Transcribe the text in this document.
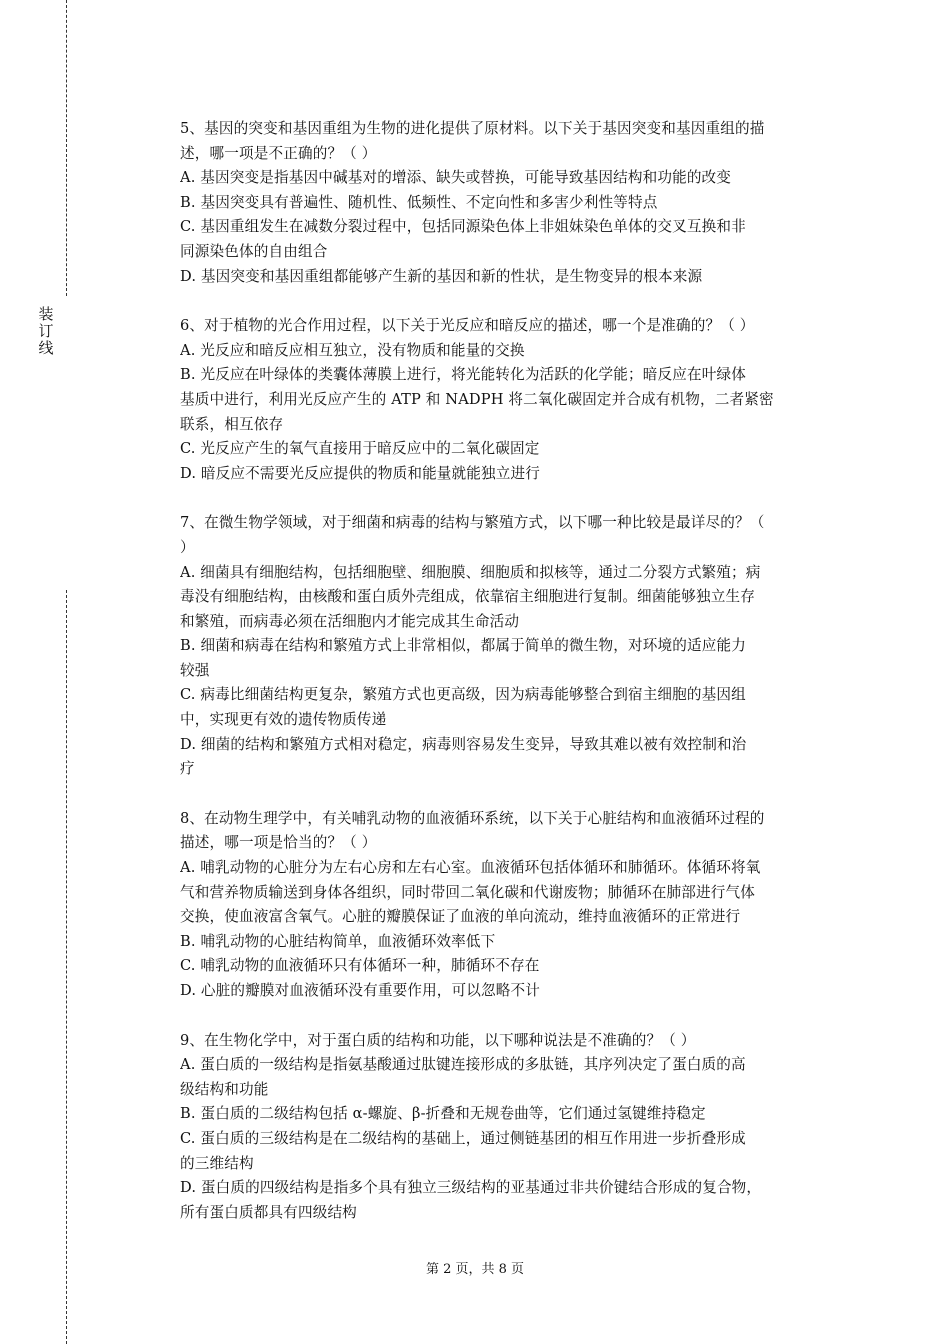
装
订
线
5、基因的突变和基因重组为生物的进化提供了原材料。以下关于基因突变和基因重组的描
述，哪一项是不正确的？（ ）
A. 基因突变是指基因中碱基对的增添、缺失或替换，可能导致基因结构和功能的改变
B. 基因突变具有普遍性、随机性、低频性、不定向性和多害少利性等特点
C. 基因重组发生在减数分裂过程中，包括同源染色体上非姐妹染色单体的交叉互换和非
同源染色体的自由组合
D. 基因突变和基因重组都能够产生新的基因和新的性状，是生物变异的根本来源
6、对于植物的光合作用过程，以下关于光反应和暗反应的描述，哪一个是准确的？（ ）
A. 光反应和暗反应相互独立，没有物质和能量的交换
B. 光反应在叶绿体的类囊体薄膜上进行，将光能转化为活跃的化学能；暗反应在叶绿体
基质中进行，利用光反应产生的 ATP 和 NADPH 将二氧化碳固定并合成有机物，二者紧密
联系，相互依存
C. 光反应产生的氧气直接用于暗反应中的二氧化碳固定
D. 暗反应不需要光反应提供的物质和能量就能独立进行
7、在微生物学领域，对于细菌和病毒的结构与繁殖方式，以下哪一种比较是最详尽的？（
）
A. 细菌具有细胞结构，包括细胞壁、细胞膜、细胞质和拟核等，通过二分裂方式繁殖；病
毒没有细胞结构，由核酸和蛋白质外壳组成，依靠宿主细胞进行复制。细菌能够独立生存
和繁殖，而病毒必须在活细胞内才能完成其生命活动
B. 细菌和病毒在结构和繁殖方式上非常相似，都属于简单的微生物，对环境的适应能力
较强
C. 病毒比细菌结构更复杂，繁殖方式也更高级，因为病毒能够整合到宿主细胞的基因组
中，实现更有效的遗传物质传递
D. 细菌的结构和繁殖方式相对稳定，病毒则容易发生变异，导致其难以被有效控制和治
疗
8、在动物生理学中，有关哺乳动物的血液循环系统，以下关于心脏结构和血液循环过程的
描述，哪一项是恰当的？（ ）
A. 哺乳动物的心脏分为左右心房和左右心室。血液循环包括体循环和肺循环。体循环将氧
气和营养物质输送到身体各组织，同时带回二氧化碳和代谢废物；肺循环在肺部进行气体
交换，使血液富含氧气。心脏的瓣膜保证了血液的单向流动，维持血液循环的正常进行
B. 哺乳动物的心脏结构简单，血液循环效率低下
C. 哺乳动物的血液循环只有体循环一种，肺循环不存在
D. 心脏的瓣膜对血液循环没有重要作用，可以忽略不计
9、在生物化学中，对于蛋白质的结构和功能，以下哪种说法是不准确的？（ ）
A. 蛋白质的一级结构是指氨基酸通过肽键连接形成的多肽链，其序列决定了蛋白质的高
级结构和功能
B. 蛋白质的二级结构包括 α-螺旋、β-折叠和无规卷曲等，它们通过氢键维持稳定
C. 蛋白质的三级结构是在二级结构的基础上，通过侧链基团的相互作用进一步折叠形成
的三维结构
D. 蛋白质的四级结构是指多个具有独立三级结构的亚基通过非共价键结合形成的复合物，
所有蛋白质都具有四级结构
第 2 页，共 8 页
